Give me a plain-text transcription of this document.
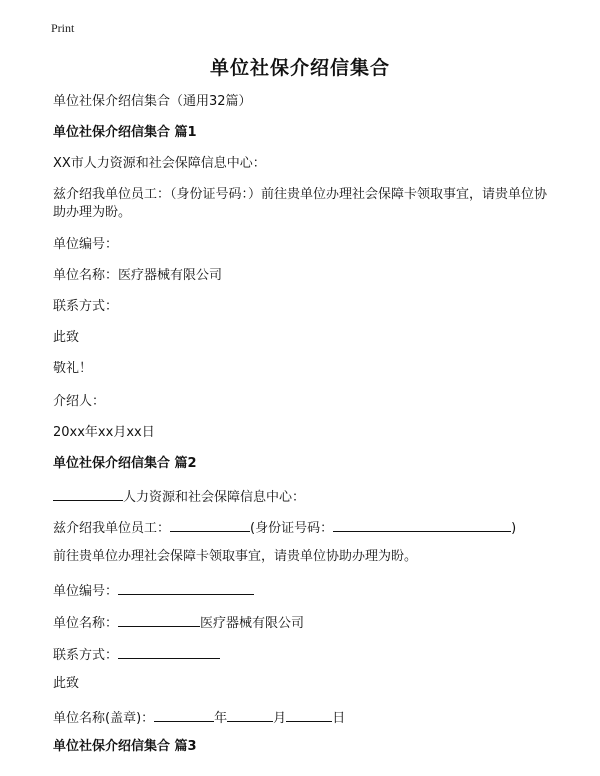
Print
单位社保介绍信集合
单位社保介绍信集合（通用32篇）
单位社保介绍信集合 篇1
XX市人力资源和社会保障信息中心：
兹介绍我单位员工：（身份证号码：）前往贵单位办理社会保障卡领取事宜，请贵单位协助办理为盼。
单位编号：
单位名称：医疗器械有限公司
联系方式：
此致
敬礼！
介绍人：
20xx年xx月xx日
单位社保介绍信集合 篇2
人力资源和社会保障信息中心：
兹介绍我单位员工：	(身份证号码：	)
前往贵单位办理社会保障卡领取事宜，请贵单位协助办理为盼。
单位编号：
单位名称：	医疗器械有限公司
联系方式：
此致
单位名称(盖章)：	年	月	日
单位社保介绍信集合 篇3
